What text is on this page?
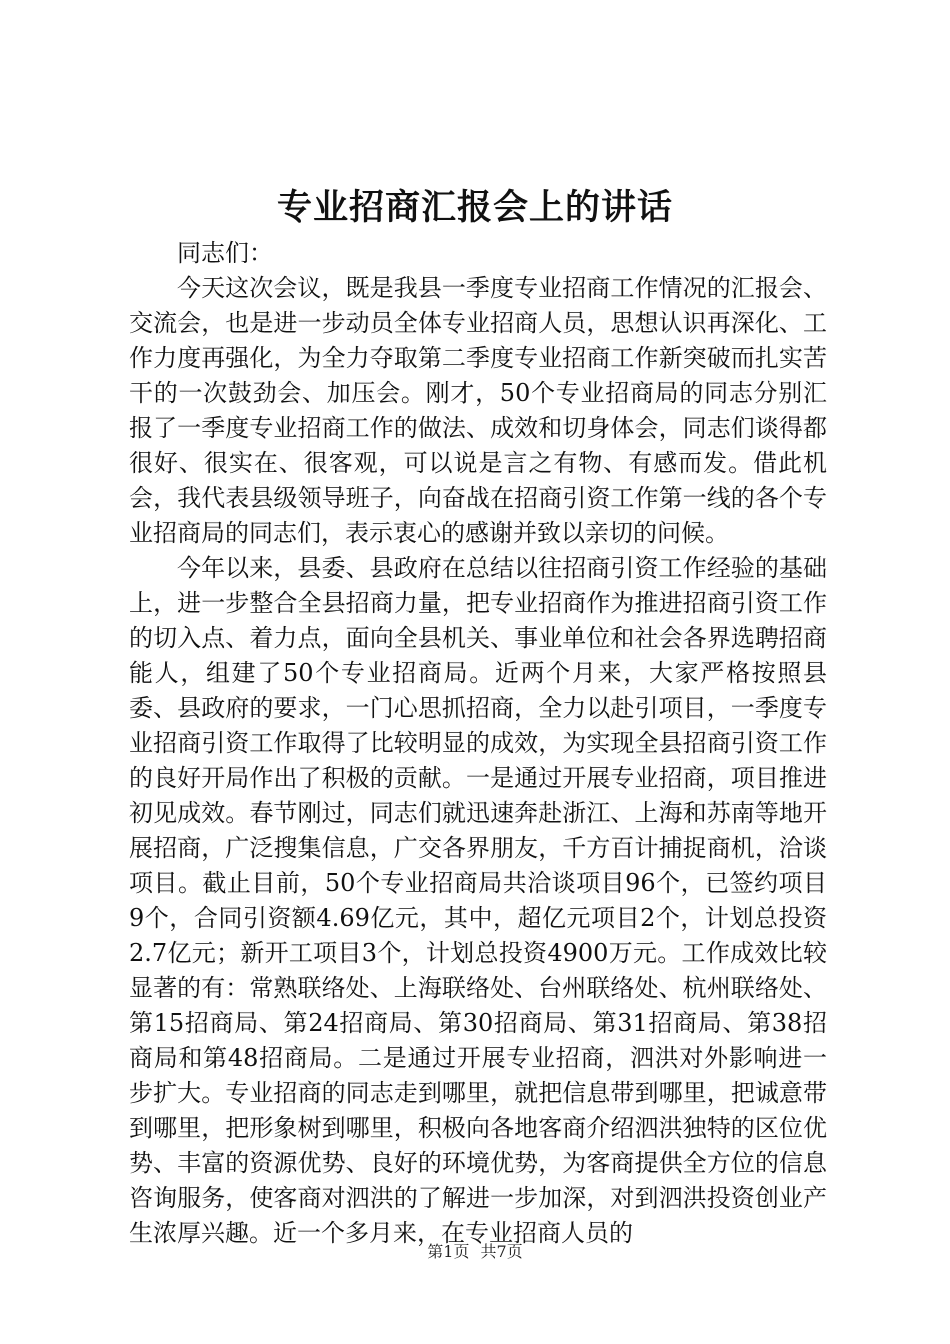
专业招商汇报会上的讲话

同志们：

今天这次会议，既是我县一季度专业招商工作情况的汇报会、交流会，也是进一步动员全体专业招商人员，思想认识再深化、工作力度再强化，为全力夺取第二季度专业招商工作新突破而扎实苦干的一次鼓劲会、加压会。刚才，50个专业招商局的同志分别汇报了一季度专业招商工作的做法、成效和切身体会，同志们谈得都很好、很实在、很客观，可以说是言之有物、有感而发。借此机会，我代表县级领导班子，向奋战在招商引资工作第一线的各个专业招商局的同志们，表示衷心的感谢并致以亲切的问候。

今年以来，县委、县政府在总结以往招商引资工作经验的基础上，进一步整合全县招商力量，把专业招商作为推进招商引资工作的切入点、着力点，面向全县机关、事业单位和社会各界选聘招商能人，组建了50个专业招商局。近两个月来，大家严格按照县委、县政府的要求，一门心思抓招商，全力以赴引项目，一季度专业招商引资工作取得了比较明显的成效，为实现全县招商引资工作的良好开局作出了积极的贡献。一是通过开展专业招商，项目推进初见成效。春节刚过，同志们就迅速奔赴浙江、上海和苏南等地开展招商，广泛搜集信息，广交各界朋友，千方百计捕捉商机，洽谈项目。截止目前，50个专业招商局共洽谈项目96个，已签约项目9个，合同引资额4.69亿元，其中，超亿元项目2个，计划总投资2.7亿元；新开工项目3个，计划总投资4900万元。工作成效比较显著的有：常熟联络处、上海联络处、台州联络处、杭州联络处、第15招商局、第24招商局、第30招商局、第31招商局、第38招商局和第48招商局。二是通过开展专业招商，泗洪对外影响进一步扩大。专业招商的同志走到哪里，就把信息带到哪里，把诚意带到哪里，把形象树到哪里，积极向各地客商介绍泗洪独特的区位优势、丰富的资源优势、良好的环境优势，为客商提供全方位的信息咨询服务，使客商对泗洪的了解进一步加深，对到泗洪投资创业产生浓厚兴趣。近一个多月来，在专业招商人员的

第1页 共7页
